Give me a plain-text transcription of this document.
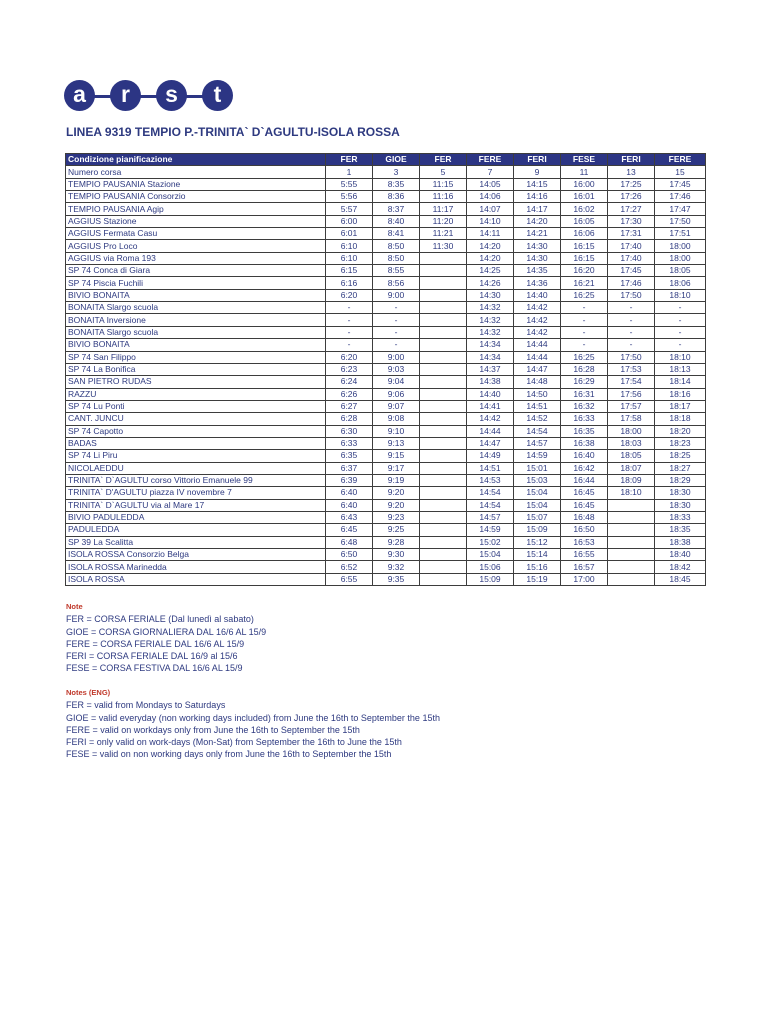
a	r	s	t
LINEA 9319 TEMPIO P.-TRINITA` D`AGULTU-ISOLA ROSSA
Condizione pianificazione	FER	GIOE	FER	FERE	FERI	FESE	FERI	FERE
Numero corsa	1	3	5	7	9	11	13	15
TEMPIO PAUSANIA Stazione	5:55	8:35	11:15	14:05	14:15	16:00	17:25	17:45
TEMPIO PAUSANIA Consorzio	5:56	8:36	11:16	14:06	14:16	16:01	17:26	17:46
TEMPIO PAUSANIA Agip	5:57	8:37	11:17	14:07	14:17	16:02	17:27	17:47
AGGIUS Stazione	6:00	8:40	11:20	14:10	14:20	16:05	17:30	17:50
AGGIUS Fermata Casu	6:01	8:41	11:21	14:11	14:21	16:06	17:31	17:51
AGGIUS Pro Loco	6:10	8:50	11:30	14:20	14:30	16:15	17:40	18:00
AGGIUS via Roma 193	6:10	8:50		14:20	14:30	16:15	17:40	18:00
SP 74 Conca di Giara	6:15	8:55		14:25	14:35	16:20	17:45	18:05
SP 74 Piscia Fuchili	6:16	8:56		14:26	14:36	16:21	17:46	18:06
BIVIO BONAITA	6:20	9:00		14:30	14:40	16:25	17:50	18:10
BONAITA Slargo scuola	-	-		14:32	14:42	-	-	-
BONAITA Inversione	-	-		14:32	14:42	-	-	-
BONAITA Slargo scuola	-	-		14:32	14:42	-	-	-
BIVIO BONAITA	-	-		14:34	14:44	-	-	-
SP 74 San Filippo	6:20	9:00		14:34	14:44	16:25	17:50	18:10
SP 74 La Bonifica	6:23	9:03		14:37	14:47	16:28	17:53	18:13
SAN PIETRO RUDAS	6:24	9:04		14:38	14:48	16:29	17:54	18:14
RAZZU	6:26	9:06		14:40	14:50	16:31	17:56	18:16
SP 74 Lu Ponti	6:27	9:07		14:41	14:51	16:32	17:57	18:17
CANT. JUNCU	6:28	9:08		14:42	14:52	16:33	17:58	18:18
SP 74 Capotto	6:30	9:10		14:44	14:54	16:35	18:00	18:20
BADAS	6:33	9:13		14:47	14:57	16:38	18:03	18:23
SP 74 Li Piru	6:35	9:15		14:49	14:59	16:40	18:05	18:25
NICOLAEDDU	6:37	9:17		14:51	15:01	16:42	18:07	18:27
TRINITA` D`AGULTU corso Vittorio Emanuele 99	6:39	9:19		14:53	15:03	16:44	18:09	18:29
TRINITA` D'AGULTU piazza IV novembre 7	6:40	9:20		14:54	15:04	16:45	18:10	18:30
TRINITA` D`AGULTU via al Mare 17	6:40	9:20		14:54	15:04	16:45		18:30
BIVIO PADULEDDA	6:43	9:23		14:57	15:07	16:48		18:33
PADULEDDA	6:45	9:25		14:59	15:09	16:50		18:35
SP 39 La Scalitta	6:48	9:28		15:02	15:12	16:53		18:38
ISOLA ROSSA Consorzio Belga	6:50	9:30		15:04	15:14	16:55		18:40
ISOLA ROSSA Marinedda	6:52	9:32		15:06	15:16	16:57		18:42
ISOLA ROSSA	6:55	9:35		15:09	15:19	17:00		18:45
Note
FER = CORSA FERIALE (Dal lunedì al sabato)
GIOE = CORSA GIORNALIERA DAL 16/6 AL 15/9
FERE = CORSA FERIALE DAL 16/6 AL 15/9
FERI = CORSA FERIALE DAL 16/9 al 15/6
FESE = CORSA FESTIVA DAL 16/6 AL 15/9
Notes (ENG)
FER = valid from Mondays to Saturdays
GIOE = valid everyday (non working days included) from June the 16th to September the 15th
FERE = valid on workdays only from June the 16th to September the 15th
FERI = only valid on work-days (Mon-Sat) from September the 16th to June the 15th
FESE = valid on non working days only from June the 16th to September the 15th
